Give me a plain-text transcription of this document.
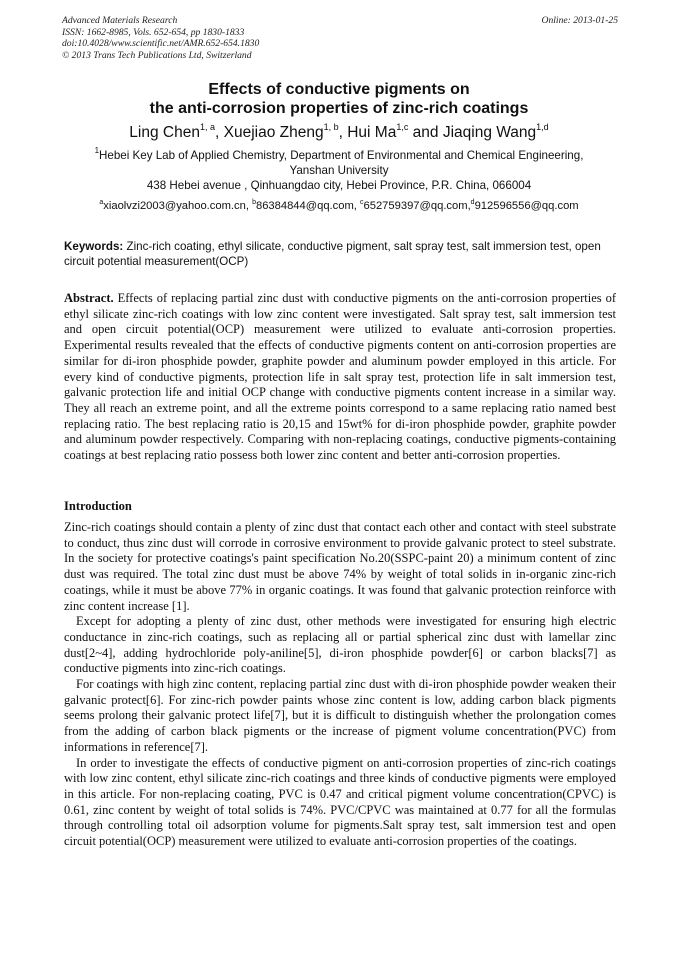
Advanced Materials Research
ISSN: 1662-8985, Vols. 652-654, pp 1830-1833
doi:10.4028/www.scientific.net/AMR.652-654.1830
© 2013 Trans Tech Publications Ltd, Switzerland
Online: 2013-01-25
Effects of conductive pigments on
the anti-corrosion properties of zinc-rich coatings
Ling Chen$^{1, a}$, Xuejiao Zheng$^{1, b}$, Hui Ma$^{1,c}$ and Jiaqing Wang$^{1,d}$
$^1$Hebei Key Lab of Applied Chemistry, Department of Environmental and Chemical Engineering,
Yanshan University
438 Hebei avenue , Qinhuangdao city, Hebei Province, P.R. China, 066004
$^a$xiaolvzi2003@yahoo.com.cn, $^b$86384844@qq.com, $^c$652759397@qq.com,$^d$912596556@qq.com
Keywords: Zinc-rich coating, ethyl silicate, conductive pigment, salt spray test, salt immersion test, open circuit potential measurement(OCP)
Abstract. Effects of replacing partial zinc dust with conductive pigments on the anti-corrosion properties of ethyl silicate zinc-rich coatings with low zinc content were investigated. Salt spray test, salt immersion test and open circuit potential(OCP) measurement were utilized to evaluate anti-corrosion properties. Experimental results revealed that the effects of conductive pigments content on anti-corrosion properties are similar for di-iron phosphide powder, graphite powder and aluminum powder employed in this article. For every kind of conductive pigments, protection life in salt spray test, protection life in salt immersion test, galvanic protection life and initial OCP change with conductive pigments content increase in a similar way. They all reach an extreme point, and all the extreme points correspond to a same replacing ratio named best replacing ratio. The best replacing ratio is 20,15 and 15wt% for di-iron phosphide powder, graphite powder and aluminum powder respectively. Comparing with non-replacing coatings, conductive pigments-containing coatings at best replacing ratio possess both lower zinc content and better anti-corrosion properties.
Introduction

Zinc-rich coatings should contain a plenty of zinc dust that contact each other and contact with steel substrate to conduct, thus zinc dust will corrode in corrosive environment to provide galvanic protect to steel substrate. In the society for protective coatings's paint specification No.20(SSPC-paint 20) a minimum content of zinc dust was required. The total zinc dust must be above 74% by weight of total solids in in-organic zinc-rich coatings, while it must be above 77% in organic coatings. It was found that galvanic protection reinforce with zinc content increase [1].

Except for adopting a plenty of zinc dust, other methods were investigated for ensuring high electric conductance in zinc-rich coatings, such as replacing all or partial spherical zinc dust with lamellar zinc dust[2~4], adding hydrochloride poly-aniline[5], di-iron phosphide powder[6] or carbon blacks[7] as conductive pigments into zinc-rich coatings.

For coatings with high zinc content, replacing partial zinc dust with di-iron phosphide powder weaken their galvanic protect[6]. For zinc-rich powder paints whose zinc content is low, adding carbon black pigments seems prolong their galvanic protect life[7], but it is difficult to distinguish whether the prolongation comes from the adding of carbon black pigments or the increase of pigment volume concentration(PVC) from informations in reference[7].

In order to investigate the effects of conductive pigment on anti-corrosion properties of zinc-rich coatings with low zinc content, ethyl silicate zinc-rich coatings and three kinds of conductive pigments were employed in this article. For non-replacing coating, PVC is 0.47 and critical pigment volume concentration(CPVC) is 0.61, zinc content by weight of total solids is 74%. PVC/CPVC was maintained at 0.77 for all the formulas through controlling total oil adsorption volume for pigments.Salt spray test, salt immersion test and open circuit potential(OCP) measurement were utilized to evaluate anti-corrosion properties of the coatings.
